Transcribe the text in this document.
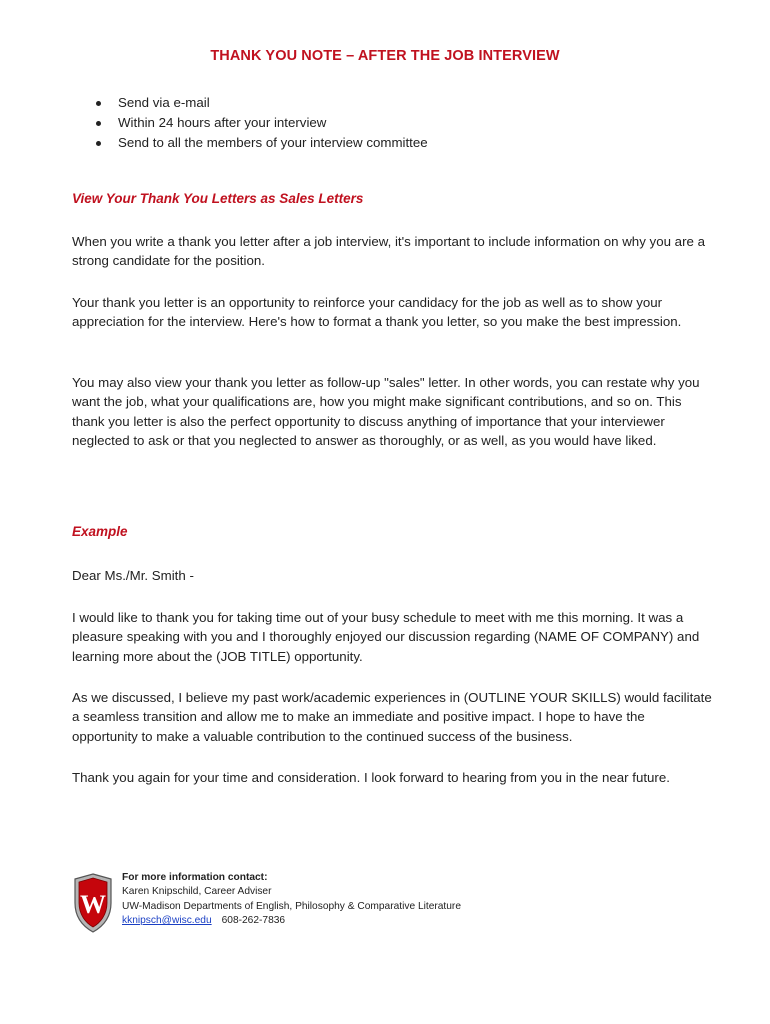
THANK YOU NOTE – AFTER THE JOB INTERVIEW
Send via e-mail
Within 24 hours after your interview
Send to all the members of your interview committee
View Your Thank You Letters as Sales Letters

When you write a thank you letter after a job interview, it's important to include information on why you are a strong candidate for the position.

Your thank you letter is an opportunity to reinforce your candidacy for the job as well as to show your appreciation for the interview. Here's how to format a thank you letter, so you make the best impression.

You may also view your thank you letter as follow-up "sales" letter. In other words, you can restate why you want the job, what your qualifications are, how you might make significant contributions, and so on. This thank you letter is also the perfect opportunity to discuss anything of importance that your interviewer neglected to ask or that you neglected to answer as thoroughly, or as well, as you would have liked.

Example

Dear Ms./Mr. Smith -

I would like to thank you for taking time out of your busy schedule to meet with me this morning. It was a pleasure speaking with you and I thoroughly enjoyed our discussion regarding (NAME OF COMPANY) and learning more about the (JOB TITLE) opportunity.

As we discussed, I believe my past work/academic experiences in (OUTLINE YOUR SKILLS) would facilitate a seamless transition and allow me to make an immediate and positive impact. I hope to have the opportunity to make a valuable contribution to the continued success of the business.

Thank you again for your time and consideration. I look forward to hearing from you in the near future.

W
For more information contact:
Karen Knipschild, Career Adviser
UW-Madison Departments of English, Philosophy & Comparative Literature
kknipsch@wisc.edu 608-262-7836
